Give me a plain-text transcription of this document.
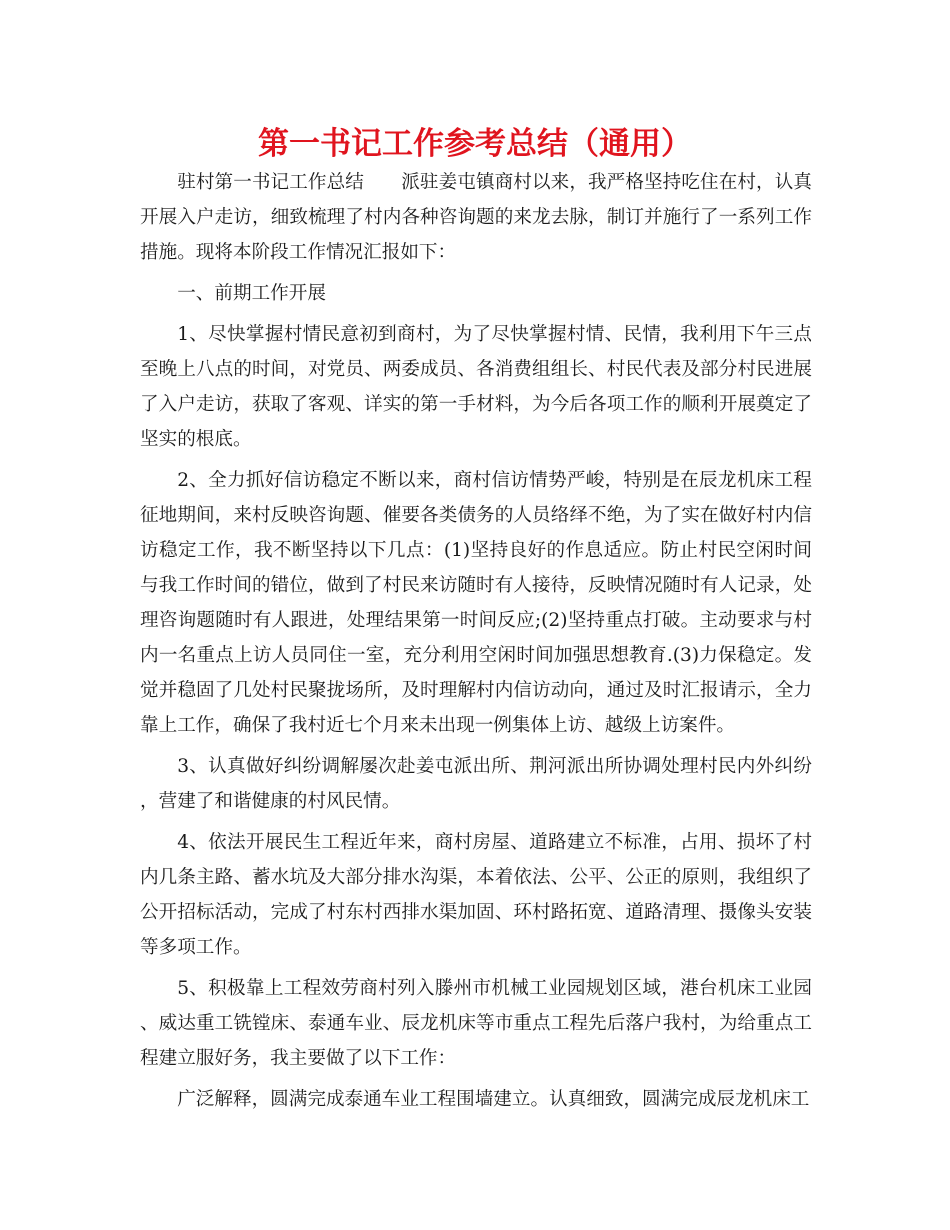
第一书记工作参考总结（通用）

驻村第一书记工作总结　　派驻姜屯镇商村以来，我严格坚持吃住在村，认真开展入户走访，细致梳理了村内各种咨询题的来龙去脉，制订并施行了一系列工作措施。现将本阶段工作情况汇报如下：

一、前期工作开展

1、尽快掌握村情民意初到商村，为了尽快掌握村情、民情，我利用下午三点至晚上八点的时间，对党员、两委成员、各消费组组长、村民代表及部分村民进展了入户走访，获取了客观、详实的第一手材料，为今后各项工作的顺利开展奠定了坚实的根底。

2、全力抓好信访稳定不断以来，商村信访情势严峻，特别是在辰龙机床工程征地期间，来村反映咨询题、催要各类债务的人员络绎不绝，为了实在做好村内信访稳定工作，我不断坚持以下几点：(1)坚持良好的作息适应。防止村民空闲时间与我工作时间的错位，做到了村民来访随时有人接待，反映情况随时有人记录，处理咨询题随时有人跟进，处理结果第一时间反应;(2)坚持重点打破。主动要求与村内一名重点上访人员同住一室，充分利用空闲时间加强思想教育.(3)力保稳定。发觉并稳固了几处村民聚拢场所，及时理解村内信访动向，通过及时汇报请示，全力靠上工作，确保了我村近七个月来未出现一例集体上访、越级上访案件。

3、认真做好纠纷调解屡次赴姜屯派出所、荆河派出所协调处理村民内外纠纷，营建了和谐健康的村风民情。

4、依法开展民生工程近年来，商村房屋、道路建立不标准，占用、损坏了村内几条主路、蓄水坑及大部分排水沟渠，本着依法、公平、公正的原则，我组织了公开招标活动，完成了村东村西排水渠加固、环村路拓宽、道路清理、摄像头安装等多项工作。

5、积极靠上工程效劳商村列入滕州市机械工业园规划区域，港台机床工业园、威达重工铣镗床、泰通车业、辰龙机床等市重点工程先后落户我村，为给重点工程建立服好务，我主要做了以下工作：

广泛解释，圆满完成泰通车业工程围墙建立。认真细致，圆满完成辰龙机床工
